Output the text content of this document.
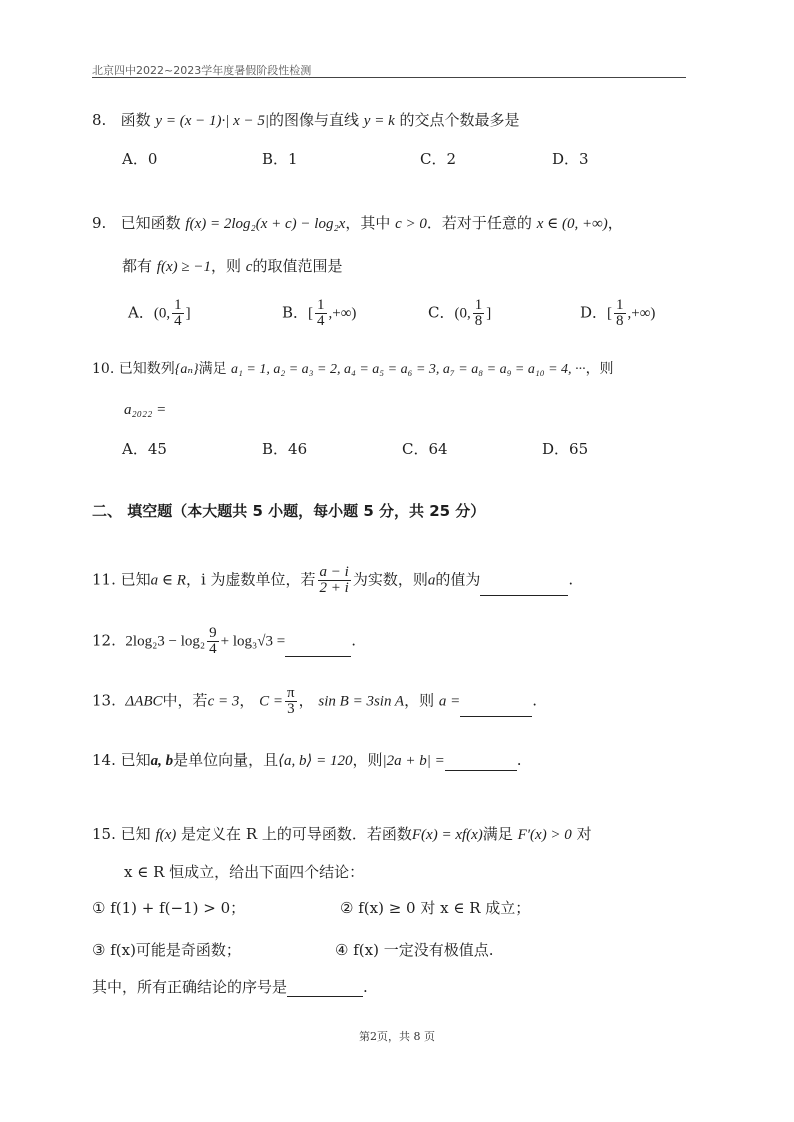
北京四中2022~2023学年度暑假阶段性检测
8. 函数 y = (x − 1)·| x − 5|的图像与直线 y = k 的交点个数最多是
A．0	B．1	C．2	D．3
9. 已知函数 f(x) = 2log₂(x + c) − log₂x，其中 c > 0．若对于任意的 x ∈ (0, +∞)，
都有 f(x) ≥ −1，则 c的取值范围是
A．(0, $\frac{1}{4}$ ]	B．[ $\frac{1}{4}$ ,+∞)	C．(0, $\frac{1}{8}$ ]	D．[ $\frac{1}{8}$ ,+∞)
10. 已知数列{aₙ}满足 a₁ = 1, a₂ = a₃ = 2, a₄ = a₅ = a₆ = 3, a₇ = a₈ = a₉ = a₁₀ = 4, ···，则
a₂₀₂₂ =
A．45	B．46	C．64	D．65
二、 填空题（本大题共 5 小题，每小题 5 分，共 25 分）
11. 已知a ∈ R，i 为虚数单位，若 $\frac{a - i}{2 + i}$ 为实数，则a的值为	.
12. $2\log_23 - \log_2 \frac{9}{4} + \log_3√3$ =	.
13. ΔABC中，若c = 3， $C = \frac{\pi}{3}$ ， sin B = 3sin A，则 a =	.
14. 已知a, b是单位向量，且⟨a, b⟩ = 120，则|2a + b| =	.
15. 已知 f(x) 是定义在 R 上的可导函数．若函数F(x) = xf(x)满足 F′(x) > 0 对
x ∈ R 恒成立，给出下面四个结论：
① f(1) + f(−1) > 0；	② f(x) ≥ 0 对 x ∈ R 成立；
③ f(x)可能是奇函数；	④ f(x) 一定没有极值点.
其中，所有正确结论的序号是	.
第2页，共 8 页
